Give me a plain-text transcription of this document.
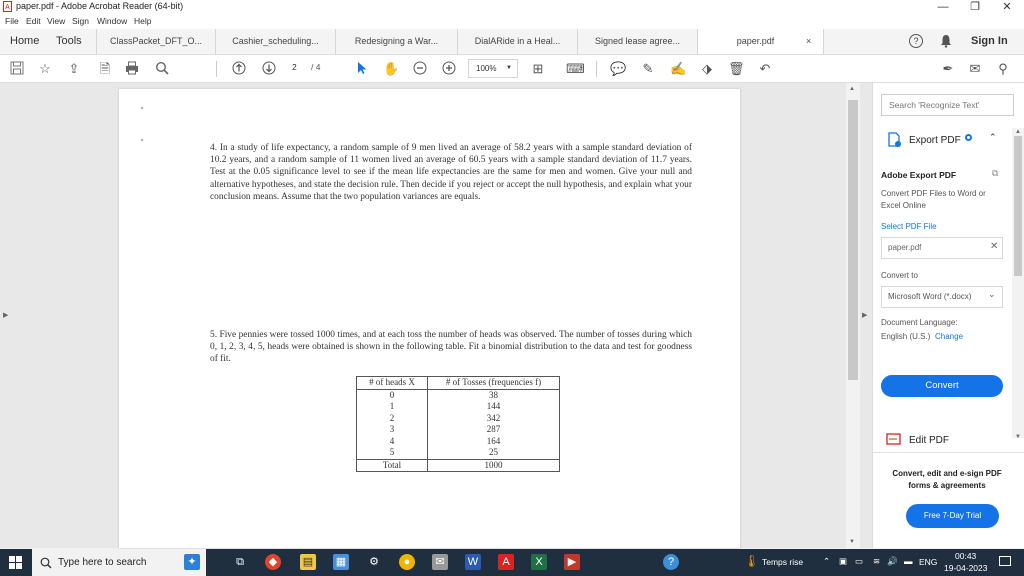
A paper.pdf - Adobe Acrobat Reader (64-bit)	—	❐	✕
File Edit View Sign Window Help
Home Tools	ClassPacket_DFT_O...	Cashier_scheduling...	Redesigning a War...	DialARide in a Heal...	Signed lease agree...	paper.pdf	×	?	Sign In
☆ ⇪ 🗎	2 / 4	✋	100% ▼ ⊞ ⌨ 💬 ✎ ✍ ⬗ 🗑 ↶	✒ ✉ ⚲
▶
4. In a study of life expectancy, a random sample of 9 men lived an average of 58.2 years with a sample standard deviation of 10.2 years, and a random sample of 11 women lived an average of 60.5 years with a sample standard deviation of 11.7 years. Test at the 0.05 significance level to see if the mean life expectancies are the same for men and women. Give your null and alternative hypotheses, and state the decision rule. Then decide if you reject or accept the null hypothesis, and explain what your conclusion means. Assume that the two population variances are equals.
5. Five pennies were tossed 1000 times, and at each toss the number of heads was observed. The number of tosses during which 0, 1, 2, 3, 4, 5, heads were obtained is shown in the following table. Fit a binomial distribution to the data and test for goodness of fit.
# of heads X	# of Tosses (frequencies f)
0	38
1	144
2	342
3	287
4	164
5	25
Total	1000
▲
▼
▶
Search 'Recognize Text'
Export PDF	⌃
Adobe Export PDF	⧉
Convert PDF Files to Word or Excel Online
Select PDF File
paper.pdf	✕
Convert to
Microsoft Word (*.docx)	⌄
Document Language:
English (U.S.) Change
Convert
Edit PDF
▲
▼
Convert, edit and e-sign PDF forms & agreements
Free 7-Day Trial
Type here to search	✦	⧉	◆	▤ ▦ ⚙	●	✉	W	A	X	▶	?	🌡 Temps rise ⌃ ▣ ▭ ≋ 🔊 ▬ ENG
00:43
19-04-2023
